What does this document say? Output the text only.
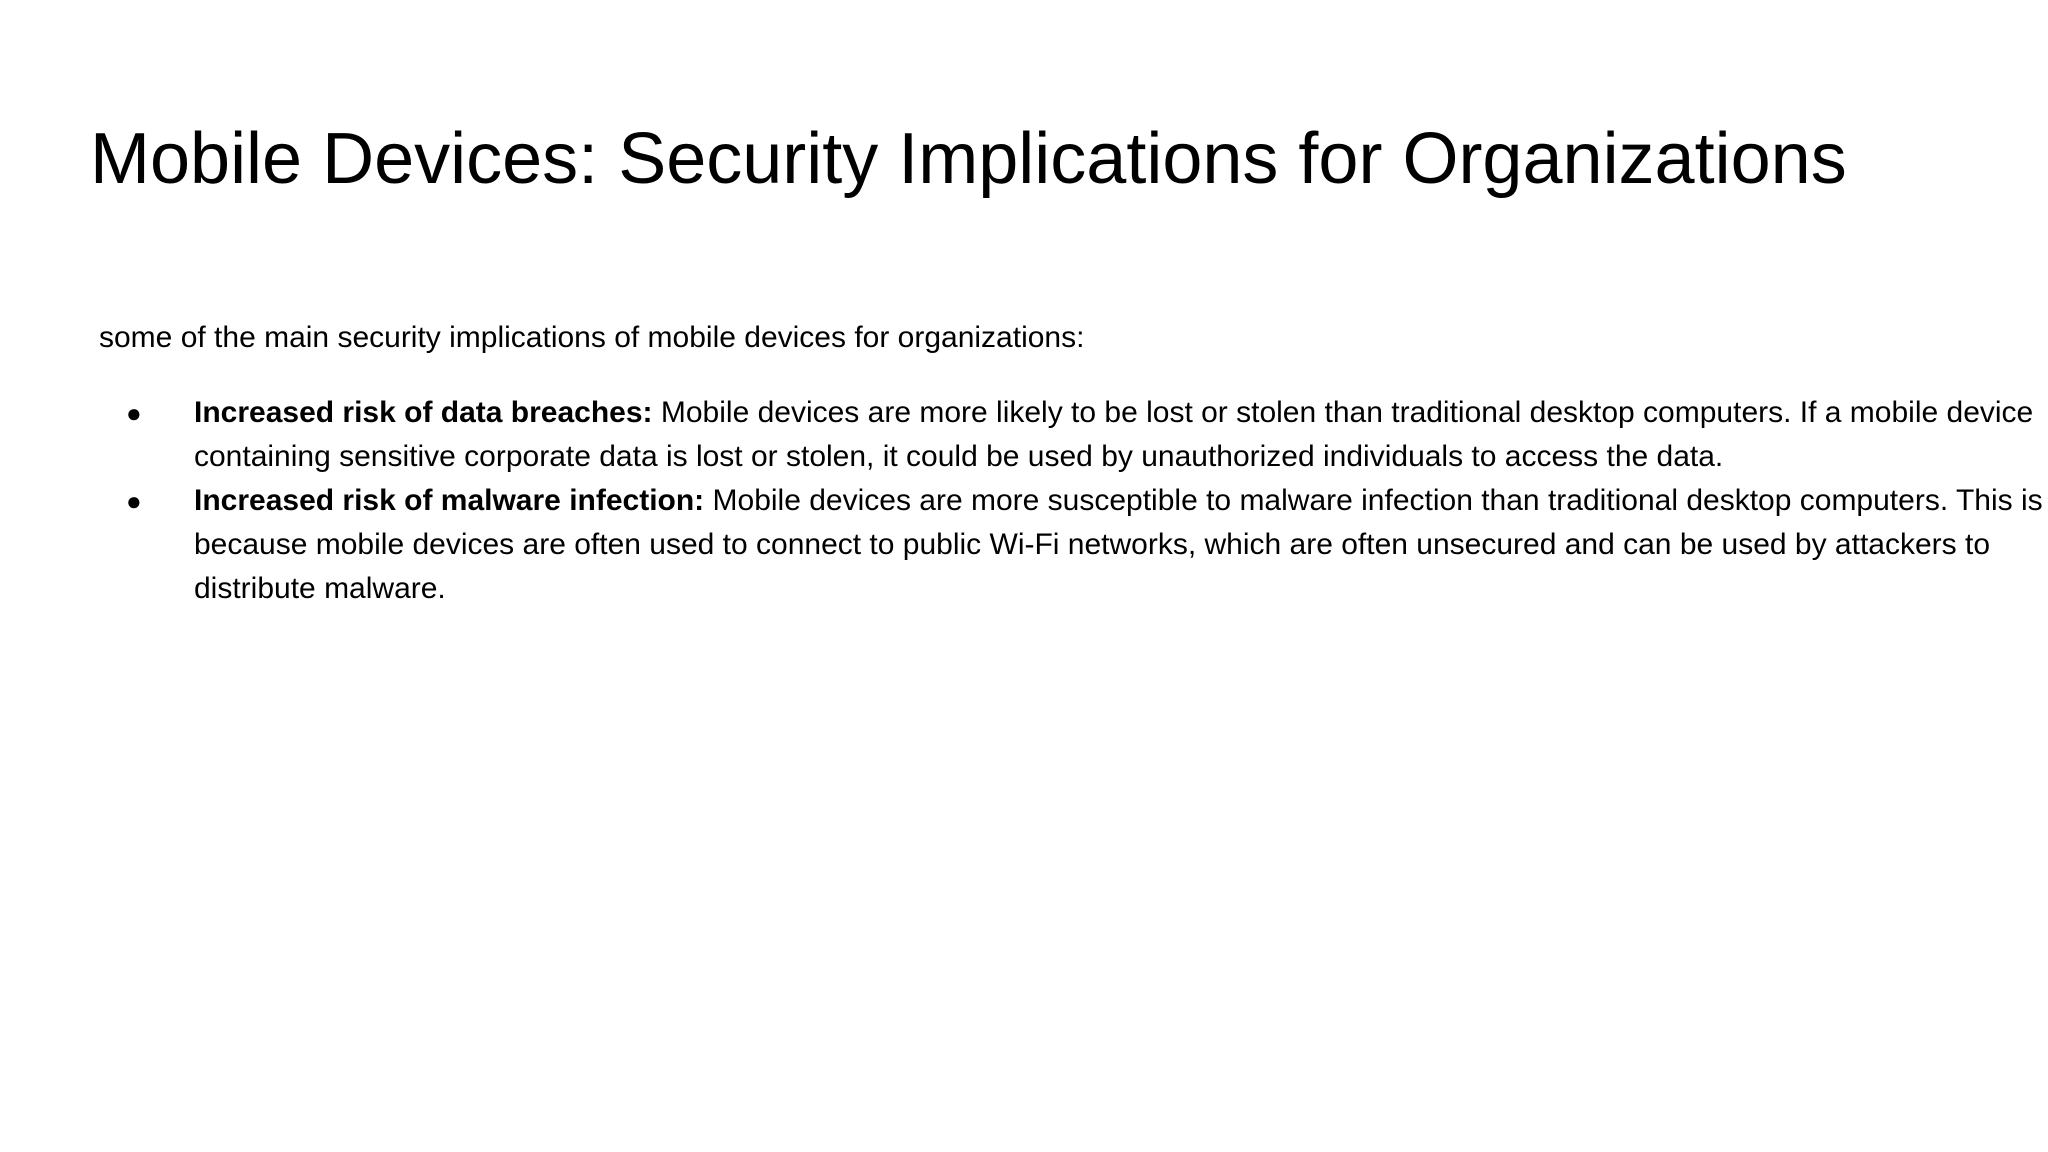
Mobile Devices: Security Implications for Organizations

some of the main security implications of mobile devices for organizations:

● Increased risk of data breaches: Mobile devices are more likely to be lost or stolen than traditional desktop computers. If a mobile device containing sensitive corporate data is lost or stolen, it could be used by unauthorized individuals to access the data.
● Increased risk of malware infection: Mobile devices are more susceptible to malware infection than traditional desktop computers. This is because mobile devices are often used to connect to public Wi-Fi networks, which are often unsecured and can be used by attackers to distribute malware.
